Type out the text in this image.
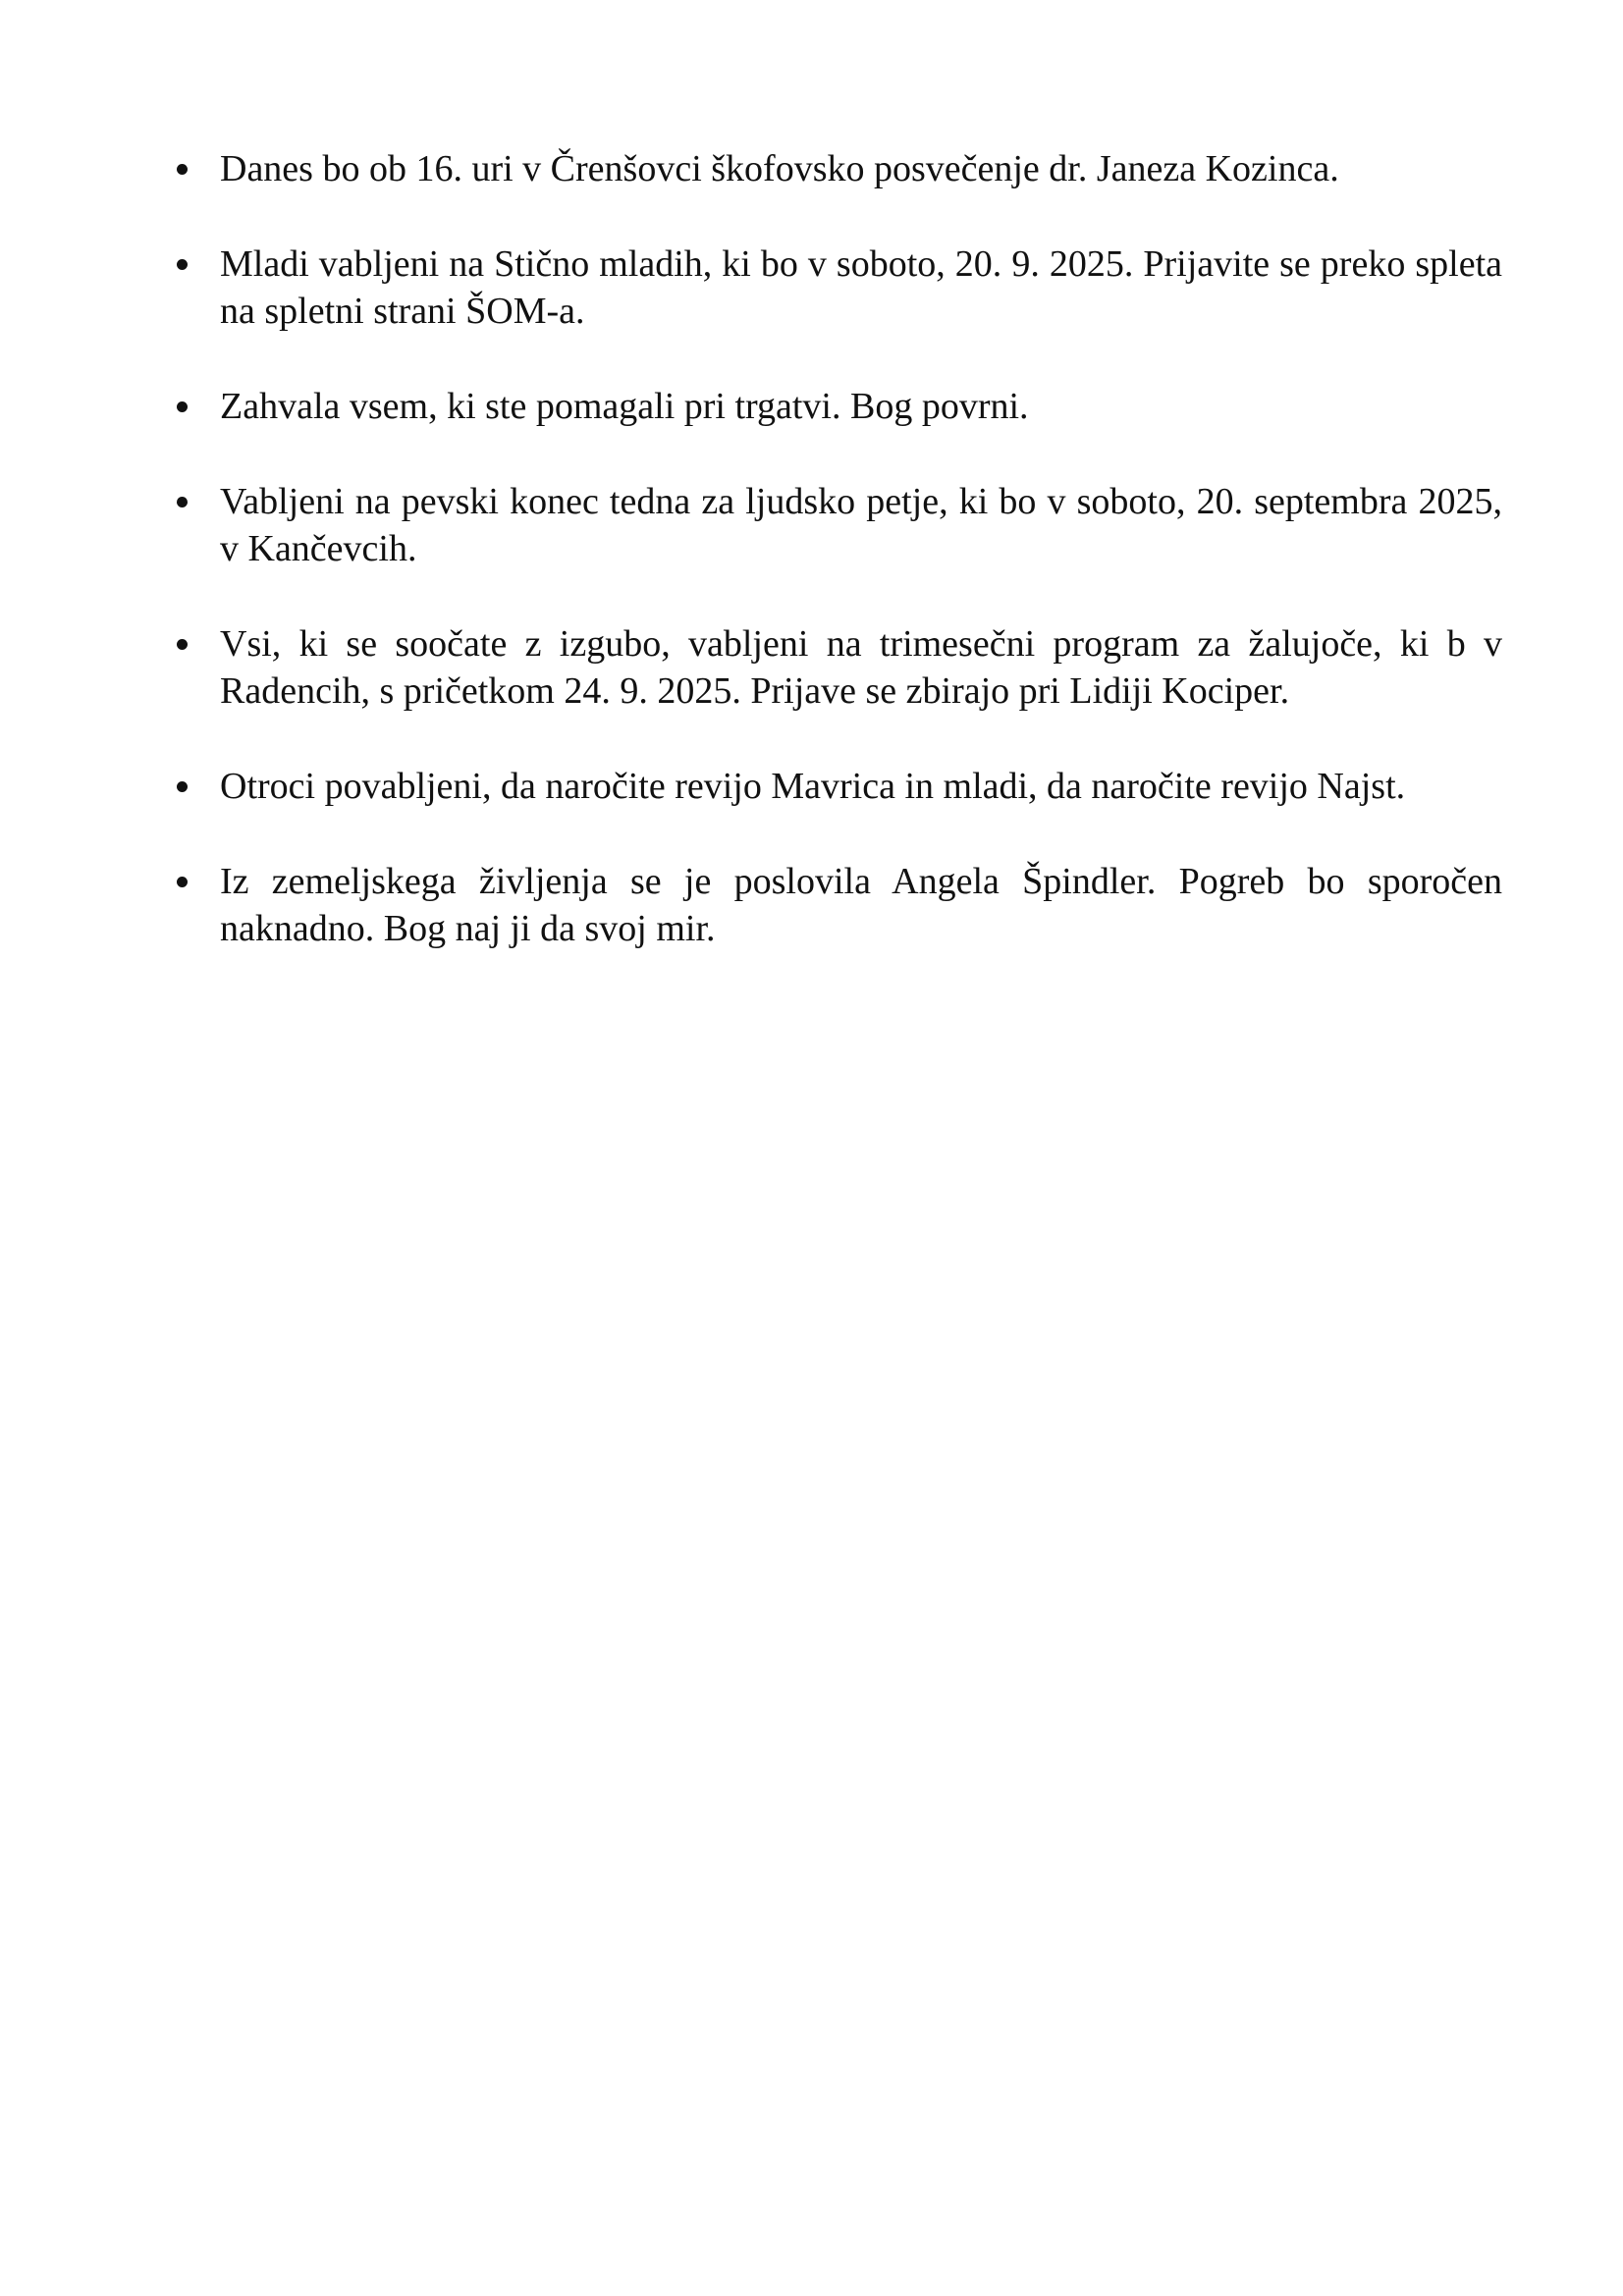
Danes bo ob 16. uri v Črenšovci škofovsko posvečenje dr. Janeza Kozinca.
Mladi vabljeni na Stično mladih, ki bo v soboto, 20. 9. 2025. Prijavite se preko spleta na spletni strani ŠOM-a.
Zahvala vsem, ki ste pomagali pri trgatvi. Bog povrni.
Vabljeni na pevski konec tedna za ljudsko petje, ki bo v soboto, 20. septembra 2025, v Kančevcih.
Vsi, ki se soočate z izgubo, vabljeni na trimesečni program za žalujoče, ki b v Radencih, s pričetkom 24. 9. 2025. Prijave se zbirajo pri Lidiji Kociper.
Otroci povabljeni, da naročite revijo Mavrica in mladi, da naročite revijo Najst.
Iz zemeljskega življenja se je poslovila Angela Špindler. Pogreb bo sporočen naknadno. Bog naj ji da svoj mir.
